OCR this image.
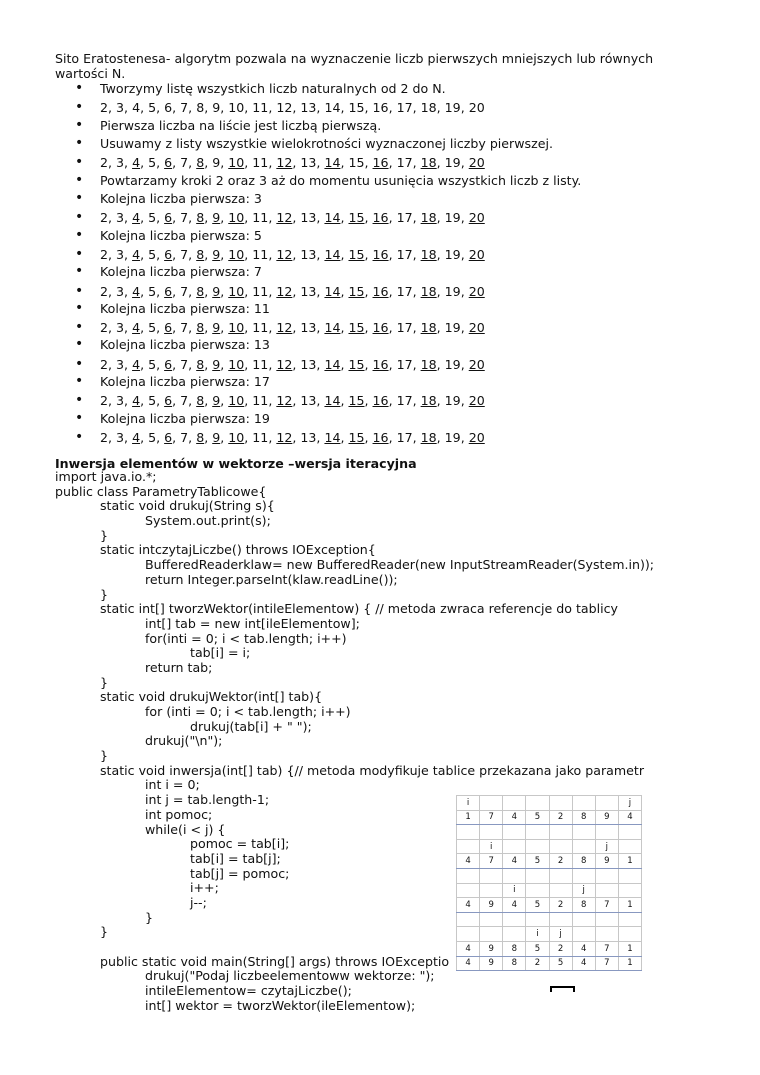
Sito Eratostenesa- algorytm pozwala na wyznaczenie liczb pierwszych mniejszych lub równych wartości N.
• Tworzymy listę wszystkich liczb naturalnych od 2 do N.
• 2, 3, 4, 5, 6, 7, 8, 9, 10, 11, 12, 13, 14, 15, 16, 17, 18, 19, 20
• Pierwsza liczba na liście jest liczbą pierwszą.
• Usuwamy z listy wszystkie wielokrotności wyznaczonej liczby pierwszej.
• 2, 3, 4, 5, 6, 7, 8, 9, 10, 11, 12, 13, 14, 15, 16, 17, 18, 19, 20
• Powtarzamy kroki 2 oraz 3 aż do momentu usunięcia wszystkich liczb z listy.
• Kolejna liczba pierwsza: 3
• 2, 3, 4, 5, 6, 7, 8, 9, 10, 11, 12, 13, 14, 15, 16, 17, 18, 19, 20
• Kolejna liczba pierwsza: 5
• 2, 3, 4, 5, 6, 7, 8, 9, 10, 11, 12, 13, 14, 15, 16, 17, 18, 19, 20
• Kolejna liczba pierwsza: 7
• 2, 3, 4, 5, 6, 7, 8, 9, 10, 11, 12, 13, 14, 15, 16, 17, 18, 19, 20
• Kolejna liczba pierwsza: 11
• 2, 3, 4, 5, 6, 7, 8, 9, 10, 11, 12, 13, 14, 15, 16, 17, 18, 19, 20
• Kolejna liczba pierwsza: 13
• 2, 3, 4, 5, 6, 7, 8, 9, 10, 11, 12, 13, 14, 15, 16, 17, 18, 19, 20
• Kolejna liczba pierwsza: 17
• 2, 3, 4, 5, 6, 7, 8, 9, 10, 11, 12, 13, 14, 15, 16, 17, 18, 19, 20
• Kolejna liczba pierwsza: 19
• 2, 3, 4, 5, 6, 7, 8, 9, 10, 11, 12, 13, 14, 15, 16, 17, 18, 19, 20
Inwersja elementów w wektorze –wersja iteracyjna
import java.io.*;
public class ParametryTablicowe{
static void drukuj(String s){
System.out.print(s);
}
static intczytajLiczbe() throws IOException{
BufferedReaderklaw= new BufferedReader(new InputStreamReader(System.in));
return Integer.parseInt(klaw.readLine());
}
static int[] tworzWektor(intileElementow) { // metoda zwraca referencje do tablicy
int[] tab = new int[ileElementow];
for(inti = 0; i < tab.length; i++)
tab[i] = i;
return tab;
}
static void drukujWektor(int[] tab){
for (inti = 0; i < tab.length; i++)
drukuj(tab[i] + " ");
drukuj("\n");
}
static void inwersja(int[] tab) {// metoda modyfikuje tablice przekazana jako parametr
int i = 0;
int j = tab.length-1;
int pomoc;
while(i < j) {
pomoc = tab[i];
tab[i] = tab[j];
tab[j] = pomoc;
i++;
j--;
}
}
public static void main(String[] args) throws IOExceptio
drukuj("Podaj liczbeelementoww wektorze: ");
intileElementow= czytajLiczbe();
int[] wektor = tworzWektor(ileElementow);
i							j
1	7	4	5	2	8	9	4

	i					j	
4	7	4	5	2	8	9	1

		i			j		
4	9	4	5	2	8	7	1

			i	j			
4	9	8	5	2	4	7	1
4	9	8	2	5	4	7	1
